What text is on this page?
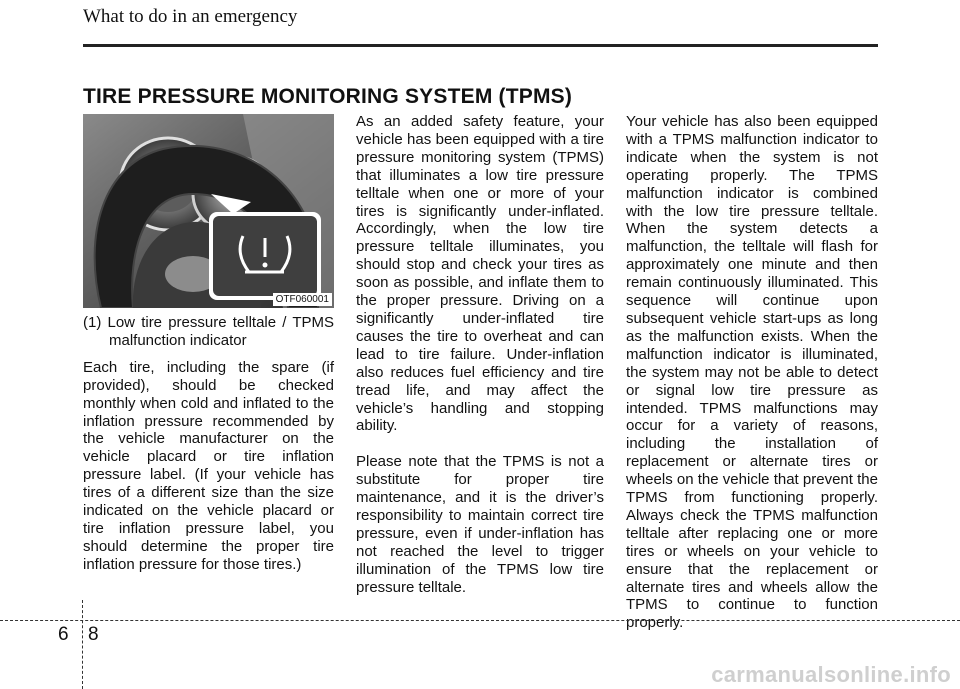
What to do in an emergency
TIRE PRESSURE MONITORING SYSTEM (TPMS)
OTF060001

(1) Low tire pressure telltale / TPMS malfunction indicator

Each tire, including the spare (if provided), should be checked monthly when cold and inflated to the inflation pressure recommended by the vehicle manufacturer on the vehicle placard or tire inflation pressure label. (If your vehicle has tires of a different size than the size indicated on the vehicle placard or tire inflation pressure label, you should determine the proper tire inflation pressure for those tires.)

As an added safety feature, your vehicle has been equipped with a tire pressure monitoring system (TPMS) that illuminates a low tire pressure telltale when one or more of your tires is significantly under-inflated. Accordingly, when the low tire pressure telltale illuminates, you should stop and check your tires as soon as possible, and inflate them to the proper pressure. Driving on a significantly under-inflated tire causes the tire to overheat and can lead to tire failure. Under-inflation also reduces fuel efficiency and tire tread life, and may affect the vehicle’s handling and stopping ability.

Please note that the TPMS is not a substitute for proper tire maintenance, and it is the driver’s responsibility to maintain correct tire pressure, even if under-inflation has not reached the level to trigger illumination of the TPMS low tire pressure telltale.

Your vehicle has also been equipped with a TPMS malfunction indicator to indicate when the system is not operating properly. The TPMS malfunction indicator is combined with the low tire pressure telltale. When the system detects a malfunction, the telltale will flash for approximately one minute and then remain continuously illuminated. This sequence will continue upon subsequent vehicle start-ups as long as the malfunction exists. When the malfunction indicator is illuminated, the system may not be able to detect or signal low tire pressure as intended. TPMS malfunctions may occur for a variety of reasons, including the installation of replacement or alternate tires or wheels on the vehicle that prevent the TPMS from functioning properly. Always check the TPMS malfunction telltale after replacing one or more tires or wheels on your vehicle to ensure that the replacement or alternate tires and wheels allow the TPMS to continue to function properly.

6 8
carmanualsonline.info
